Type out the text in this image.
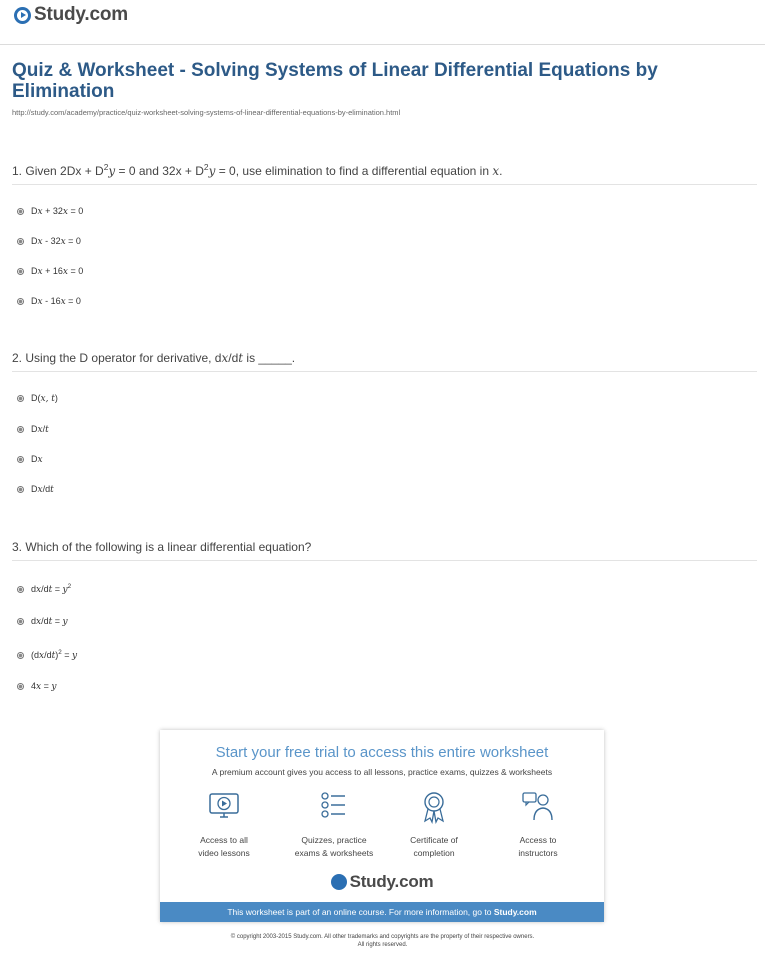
Study.com
Quiz & Worksheet - Solving Systems of Linear Differential Equations by Elimination
http://study.com/academy/practice/quiz-worksheet-solving-systems-of-linear-differential-equations-by-elimination.html
1. Given $2Dx + D^2y = 0$ and $32x + D^2y = 0$, use elimination to find a differential equation in x.
Dx + 32x = 0
Dx - 32x = 0
Dx + 16x = 0
Dx - 16x = 0
2. Using the D operator for derivative, dx/dt is _____.
D(x, t)
Dx/t
Dx
Dx/dt
3. Which of the following is a linear differential equation?
$dx/dt = y^2$
dx/dt = y
$(dx/dt)^2 = y$
4x = y
Start your free trial to access this entire worksheet
A premium account gives you access to all lessons, practice exams, quizzes & worksheets
Access to all
video lessons
Quizzes, practice
exams & worksheets
Certificate of
completion
Access to
instructors
Study.com
This worksheet is part of an online course. For more information, go to Study.com
© copyright 2003-2015 Study.com. All other trademarks and copyrights are the property of their respective owners.
All rights reserved.
